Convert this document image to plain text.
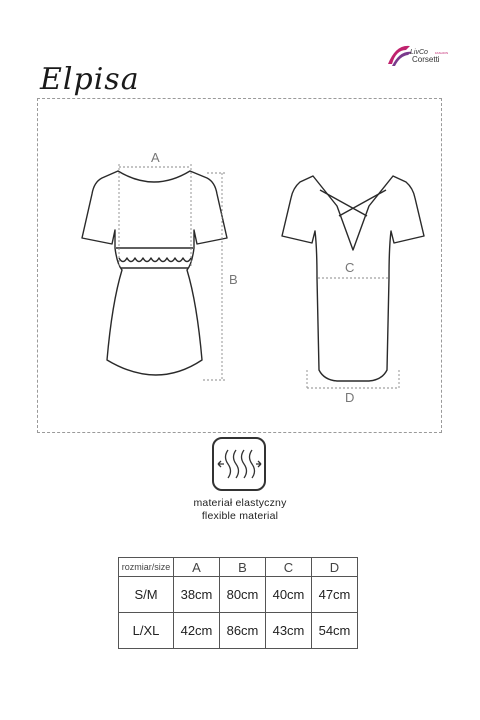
Elpisa
LivCo FASHION
Corsetti
A
B
C
D
materiał elastyczny
flexible material
rozmiar/size	A	B	C	D
S/M	38cm	80cm	40cm	47cm
L/XL	42cm	86cm	43cm	54cm
